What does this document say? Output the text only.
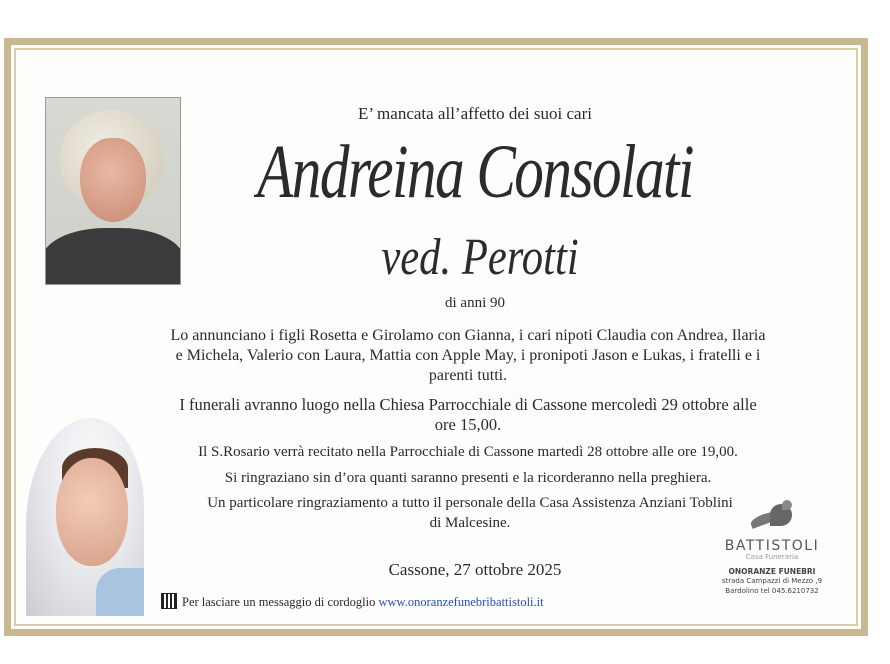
E’ mancata all’affetto dei suoi cari
Andreina Consolati
ved. Perotti
di anni 90
Lo annunciano i figli Rosetta e Girolamo con Gianna, i cari nipoti Claudia con Andrea, Ilaria e Michela, Valerio con Laura, Mattia con Apple May, i pronipoti Jason e Lukas, i fratelli e i parenti tutti.
I funerali avranno luogo nella Chiesa Parrocchiale di Cassone mercoledì 29 ottobre alle ore 15,00.
Il S.Rosario verrà recitato nella Parrocchiale di Cassone martedì 28 ottobre alle ore 19,00.
Si ringraziano sin d’ora quanti saranno presenti e la ricorderanno nella preghiera.
Un particolare ringraziamento a tutto il personale della Casa Assistenza Anziani Toblini di Malcesine.
Cassone, 27 ottobre 2025
Per lasciare un messaggio di cordoglio www.onoranzefunebribattistoli.it
BATTISTOLI
Casa Funeraria
ONORANZE FUNEBRI
strada Campazzi di Mezzo ,9
Bardolino tel 045.6210732
